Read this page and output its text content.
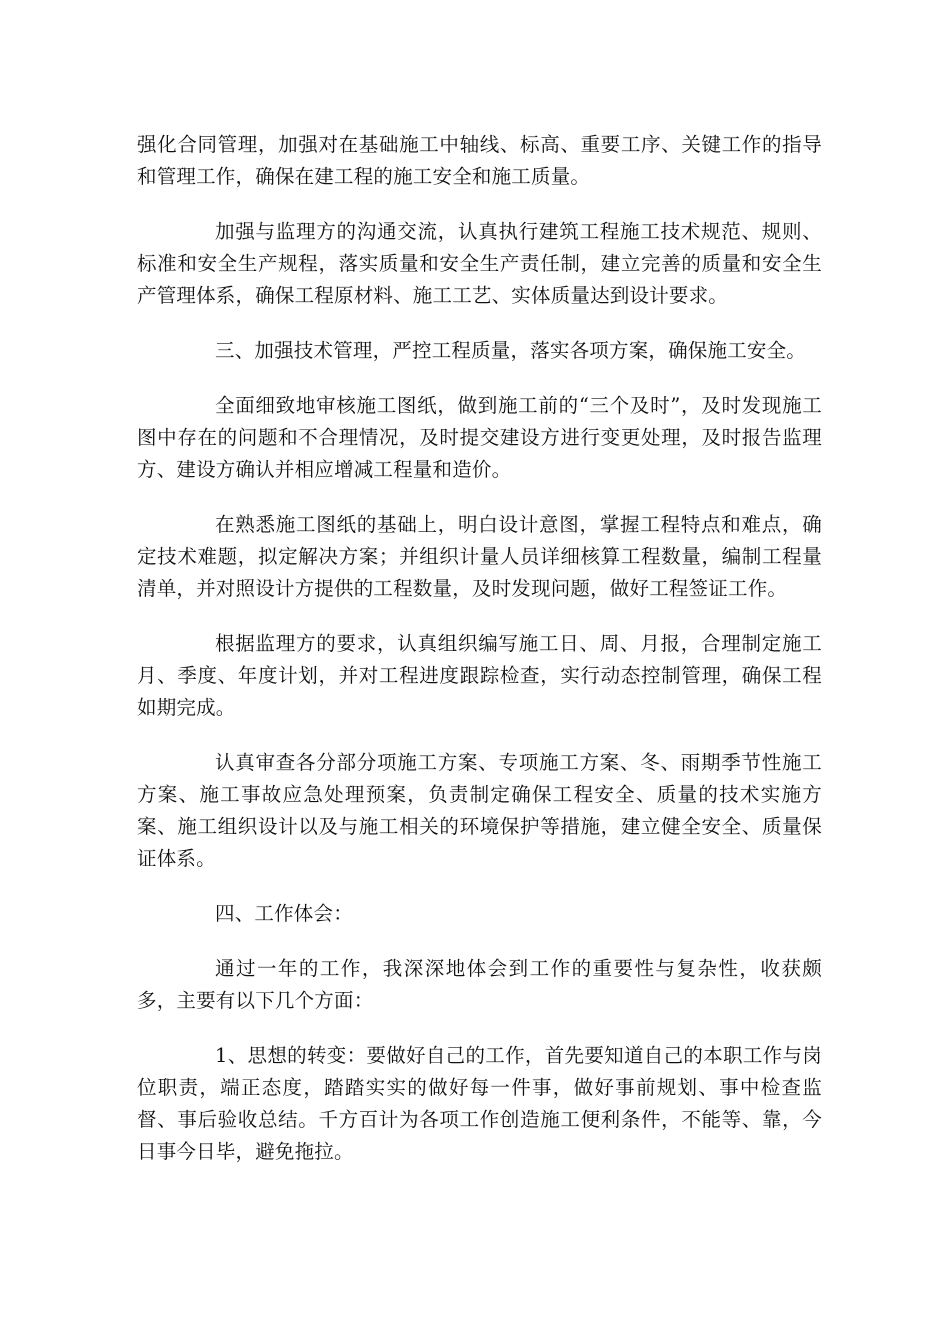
强化合同管理，加强对在基础施工中轴线、标高、重要工序、关键工作的指导和管理工作，确保在建工程的施工安全和施工质量。

加强与监理方的沟通交流，认真执行建筑工程施工技术规范、规则、标准和安全生产规程，落实质量和安全生产责任制，建立完善的质量和安全生产管理体系，确保工程原材料、施工工艺、实体质量达到设计要求。

三、加强技术管理，严控工程质量，落实各项方案，确保施工安全。

全面细致地审核施工图纸，做到施工前的“三个及时”，及时发现施工图中存在的问题和不合理情况，及时提交建设方进行变更处理，及时报告监理方、建设方确认并相应增减工程量和造价。

在熟悉施工图纸的基础上，明白设计意图，掌握工程特点和难点，确定技术难题，拟定解决方案；并组织计量人员详细核算工程数量，编制工程量清单，并对照设计方提供的工程数量，及时发现问题，做好工程签证工作。

根据监理方的要求，认真组织编写施工日、周、月报，合理制定施工月、季度、年度计划，并对工程进度跟踪检查，实行动态控制管理，确保工程如期完成。

认真审查各分部分项施工方案、专项施工方案、冬、雨期季节性施工方案、施工事故应急处理预案，负责制定确保工程安全、质量的技术实施方案、施工组织设计以及与施工相关的环境保护等措施，建立健全安全、质量保证体系。

四、工作体会：

通过一年的工作，我深深地体会到工作的重要性与复杂性，收获颇多，主要有以下几个方面：

1、思想的转变：要做好自己的工作，首先要知道自己的本职工作与岗位职责，端正态度，踏踏实实的做好每一件事，做好事前规划、事中检查监督、事后验收总结。千方百计为各项工作创造施工便利条件，不能等、靠，今日事今日毕，避免拖拉。
